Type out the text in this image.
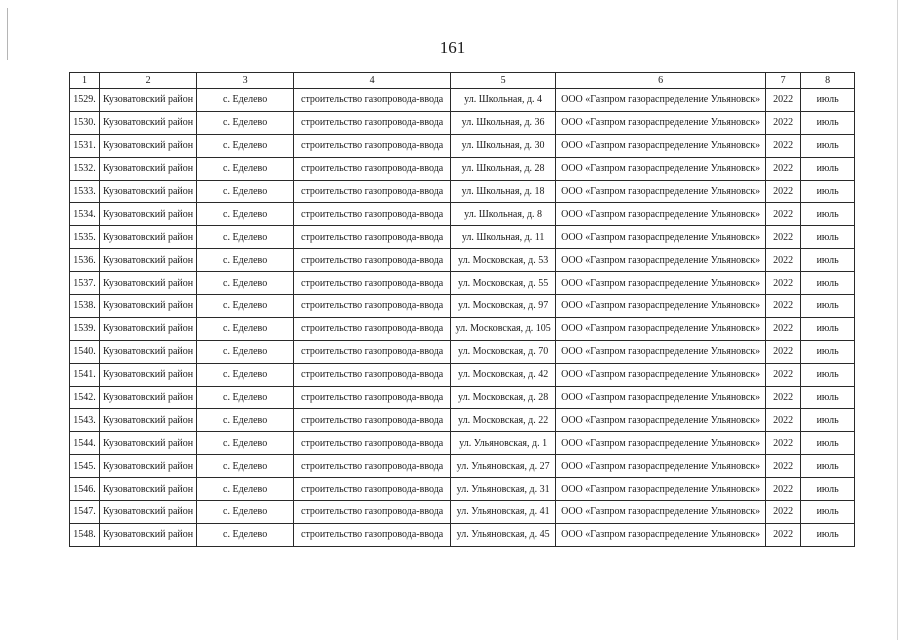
161
1	2	3	4	5	6	7	8
1529.	Кузоватовский район	с. Еделево	строительство газопровода-ввода	ул. Школьная, д. 4	ООО «Газпром газораспределение Ульяновск»	2022	июль
1530.	Кузоватовский район	с. Еделево	строительство газопровода-ввода	ул. Школьная, д. 36	ООО «Газпром газораспределение Ульяновск»	2022	июль
1531.	Кузоватовский район	с. Еделево	строительство газопровода-ввода	ул. Школьная, д. 30	ООО «Газпром газораспределение Ульяновск»	2022	июль
1532.	Кузоватовский район	с. Еделево	строительство газопровода-ввода	ул. Школьная, д. 28	ООО «Газпром газораспределение Ульяновск»	2022	июль
1533.	Кузоватовский район	с. Еделево	строительство газопровода-ввода	ул. Школьная, д. 18	ООО «Газпром газораспределение Ульяновск»	2022	июль
1534.	Кузоватовский район	с. Еделево	строительство газопровода-ввода	ул. Школьная, д. 8	ООО «Газпром газораспределение Ульяновск»	2022	июль
1535.	Кузоватовский район	с. Еделево	строительство газопровода-ввода	ул. Школьная, д. 11	ООО «Газпром газораспределение Ульяновск»	2022	июль
1536.	Кузоватовский район	с. Еделево	строительство газопровода-ввода	ул. Московская, д. 53	ООО «Газпром газораспределение Ульяновск»	2022	июль
1537.	Кузоватовский район	с. Еделево	строительство газопровода-ввода	ул. Московская, д. 55	ООО «Газпром газораспределение Ульяновск»	2022	июль
1538.	Кузоватовский район	с. Еделево	строительство газопровода-ввода	ул. Московская, д. 97	ООО «Газпром газораспределение Ульяновск»	2022	июль
1539.	Кузоватовский район	с. Еделево	строительство газопровода-ввода	ул. Московская, д. 105	ООО «Газпром газораспределение Ульяновск»	2022	июль
1540.	Кузоватовский район	с. Еделево	строительство газопровода-ввода	ул. Московская, д. 70	ООО «Газпром газораспределение Ульяновск»	2022	июль
1541.	Кузоватовский район	с. Еделево	строительство газопровода-ввода	ул. Московская, д. 42	ООО «Газпром газораспределение Ульяновск»	2022	июль
1542.	Кузоватовский район	с. Еделево	строительство газопровода-ввода	ул. Московская, д. 28	ООО «Газпром газораспределение Ульяновск»	2022	июль
1543.	Кузоватовский район	с. Еделево	строительство газопровода-ввода	ул. Московская, д. 22	ООО «Газпром газораспределение Ульяновск»	2022	июль
1544.	Кузоватовский район	с. Еделево	строительство газопровода-ввода	ул. Ульяновская, д. 1	ООО «Газпром газораспределение Ульяновск»	2022	июль
1545.	Кузоватовский район	с. Еделево	строительство газопровода-ввода	ул. Ульяновская, д. 27	ООО «Газпром газораспределение Ульяновск»	2022	июль
1546.	Кузоватовский район	с. Еделево	строительство газопровода-ввода	ул. Ульяновская, д. 31	ООО «Газпром газораспределение Ульяновск»	2022	июль
1547.	Кузоватовский район	с. Еделево	строительство газопровода-ввода	ул. Ульяновская, д. 41	ООО «Газпром газораспределение Ульяновск»	2022	июль
1548.	Кузоватовский район	с. Еделево	строительство газопровода-ввода	ул. Ульяновская, д. 45	ООО «Газпром газораспределение Ульяновск»	2022	июль
